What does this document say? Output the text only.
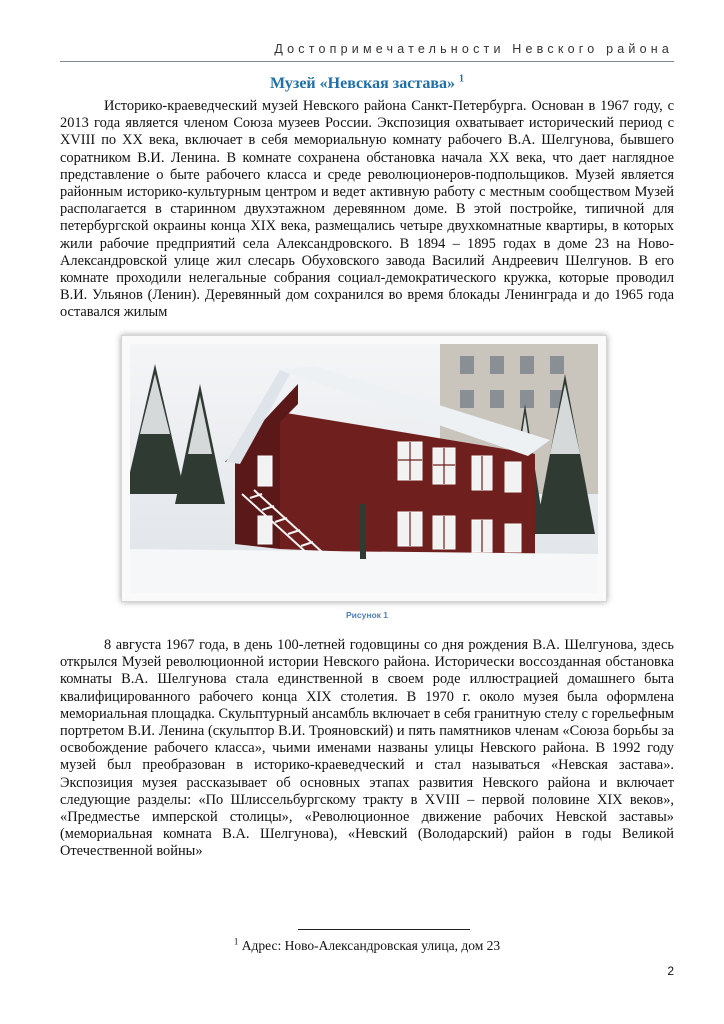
Достопримечательности Невского района
Музей «Невская застава» $^1$

Историко-краеведческий музей Невского района Санкт-Петербурга. Основан в 1967 году, с 2013 года является членом Союза музеев России. Экспозиция охватывает исторический период с XVIII по XX века, включает в себя мемориальную комнату рабочего В.А. Шелгунова, бывшего соратником В.И. Ленина. В комнате сохранена обстановка начала XX века, что дает наглядное представление о быте рабочего класса и среде революционеров-подпольщиков. Музей является районным историко-культурным центром и ведет активную работу с местным сообществом Музей располагается в старинном двухэтажном деревянном доме. В этой постройке, типичной для петербургской окраины конца XIX века, размещались четыре двухкомнатные квартиры, в которых жили рабочие предприятий села Александровского. В 1894 – 1895 годах в доме 23 на Ново-Александровской улице жил слесарь Обуховского завода Василий Андреевич Шелгунов. В его комнате проходили нелегальные собрания социал-демократического кружка, которые проводил В.И. Ульянов (Ленин). Деревянный дом сохранился во время блокады Ленинграда и до 1965 года оставался жилым

Рисунок 1

8 августа 1967 года, в день 100-летней годовщины со дня рождения В.А. Шелгунова, здесь открылся Музей революционной истории Невского района. Исторически воссозданная обстановка комнаты В.А. Шелгунова стала единственной в своем роде иллюстрацией домашнего быта квалифицированного рабочего конца XIX столетия. В 1970 г. около музея была оформлена мемориальная площадка. Скульптурный ансамбль включает в себя гранитную стелу с горельефным портретом В.И. Ленина (скульптор В.И. Трояновский) и пять памятников членам «Союза борьбы за освобождение рабочего класса», чьими именами названы улицы Невского района. В 1992 году музей был преобразован в историко-краеведческий и стал называться «Невская застава». Экспозиция музея рассказывает об основных этапах развития Невского района и включает следующие разделы: «По Шлиссельбургскому тракту в XVIII – первой половине XIX веков», «Предместье имперской столицы», «Революционное движение рабочих Невской заставы» (мемориальная комната В.А. Шелгунова), «Невский (Володарский) район в годы Великой Отечественной войны»

$^1$ Адрес: Ново-Александровская улица, дом 23
2
